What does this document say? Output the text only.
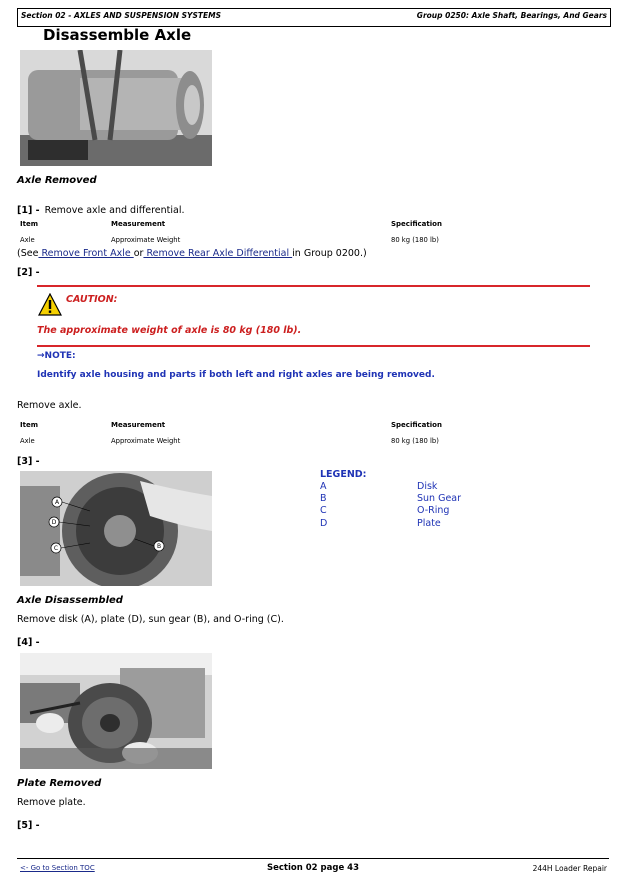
Section 02 - AXLES AND SUSPENSION SYSTEMS	Group 0250: Axle Shaft, Bearings, And Gears
Disassemble Axle
Axle Removed
[1] - Remove axle and differential.
Item	Measurement	Specification
Axle	Approximate Weight	80 kg (180 lb)
(See Remove Front Axle or Remove Rear Axle Differential in Group 0200.)
[2] -
CAUTION:
The approximate weight of axle is 80 kg (180 lb).
→NOTE:
Identify axle housing and parts if both left and right axles are being removed.
Remove axle.
Item	Measurement	Specification
Axle	Approximate Weight	80 kg (180 lb)
[3] -
A
D
C	B
LEGEND:
A	Disk
B	Sun Gear
C	O-Ring
D	Plate
Axle Disassembled
Remove disk (A), plate (D), sun gear (B), and O-ring (C).
[4] -
Plate Removed
Remove plate.
[5] -
<- Go to Section TOC	Section 02 page 43	244H Loader Repair
